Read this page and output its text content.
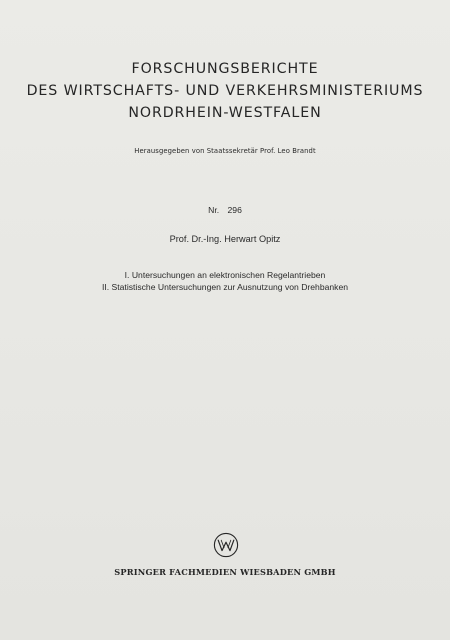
FORSCHUNGSBERICHTE
DES WIRTSCHAFTS- UND VERKEHRSMINISTERIUMS
NORDRHEIN-WESTFALEN
Herausgegeben von Staatssekretär Prof. Leo Brandt
Nr. 296
Prof. Dr.-Ing. Herwart Opitz
I. Untersuchungen an elektronischen Regelantrieben
II. Statistische Untersuchungen zur Ausnutzung von Drehbanken
SPRINGER FACHMEDIEN WIESBADEN GMBH
